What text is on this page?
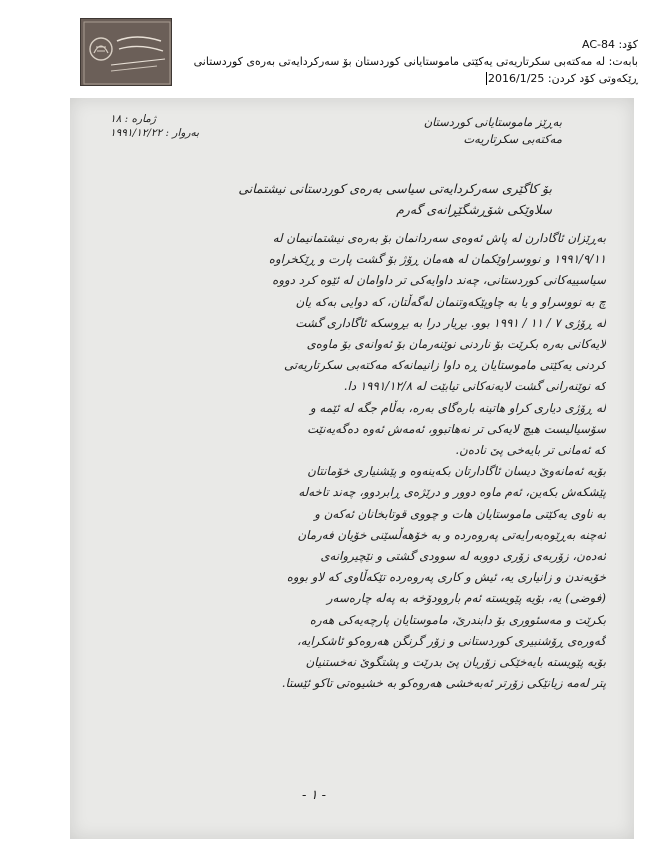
کۆد: AC-84
بابەت: لە مەکتەبی سکرتاریەتی یەکێتی ماموستایانی کوردستان بۆ سەرکردایەتی بەرەی کوردستانی
ڕێکەوتی کۆد کردن: 2016/1/25
ژمارە : ١٨
بەروار : ١٩٩١/١٢/٢٢
بەڕێز ماموستایانی کوردستان
مەکتەبی سکرتاریەت
بۆ کاگێری سەرکردایەتی سیاسی بەرەی کوردستانی نیشتمانی
سلاوێکی شۆڕشگێڕانەی گەرم
بەڕێزان ئاگادارن لە پاش ئەوەی سەردانمان بۆ بەرەی نیشتمانیمان لە
١٩٩١/٩/١١ و نووسراوێکمان لە هەمان ڕۆژ بۆ گشت پارت و ڕێکخراوە
سیاسییەکانی کوردستانی، چەند داوایەکی تر داوامان لە ئێوە کرد دووە
چ بە نووسراو و یا بە چاوپێکەوتنمان لەگەڵتان، کە دوایی بەکە یان
لە ڕۆژی ٧ / ١١ / ١٩٩١ بوو. بڕیار درا بە بڕوسکە ئاگاداری گشت
لایەکانی بەرە بکرێت بۆ ناردنی نوێنەرمان بۆ ئەوانەی بۆ ماوەی
کردنی یەکێتی ماموستایان ڕە داوا زانیمانەکە مەکتەبی سکرتاریەتی
کە نوێنەرانی گشت لایەنەکانی تیابێت لە ١٩٩١/١٢/٨ دا.
لە ڕۆژی دیاری کراو هاتینە بارەگای بەرە، بەڵام جگە لە ئێمە و
سۆسیالیست هیچ لایەکی تر نەهاتبوو، ئەمەش ئەوە دەگەیەنێت
کە ئەمانی تر بایەخی پێ نادەن.
بۆیە ئەمانەوێ دیسان ئاگادارتان بکەینەوە و پێشنیاری خۆمانتان
پێشکەش بکەین، ئەم ماوە دوور و درێژەی ڕابردوو، چەند تاخەلە
بە ناوی یەکێتی ماموستایان هات و چووی قوتابخانان ئەکەن و
ئەچنە بەڕێوەبەرایەتی پەروەردە و بە خۆهەڵسێنی خۆیان فەرمان
ئەدەن، زۆربەی زۆری دووبە لە سوودی گشتی و نێچیروانەی
خۆیەندن و زانیاری یە، ئیش و کاری پەروەردە تێکەڵاوی کە لاو بووە
(فوضی) یە، بۆیە پێویستە ئەم باروودۆخە بە پەلە چارەسەر
بکرێت و مەسئووری بۆ دابندرێ، ماموستایان پارچەیەکی هەرە
گەورەی ڕۆشنبیری کوردستانی و زۆر گرنگن هەروەکو ئاشکرایە،
بۆیە پێویستە بایەخێکی زۆریان پێ بدرێت و پشتگوێ نەخستنیان
پتر لەمە زیانێکی زۆرتر ئەبەخشی هەروەکو بە خشیوەتی تاکو ئێستا.
- ١ -
